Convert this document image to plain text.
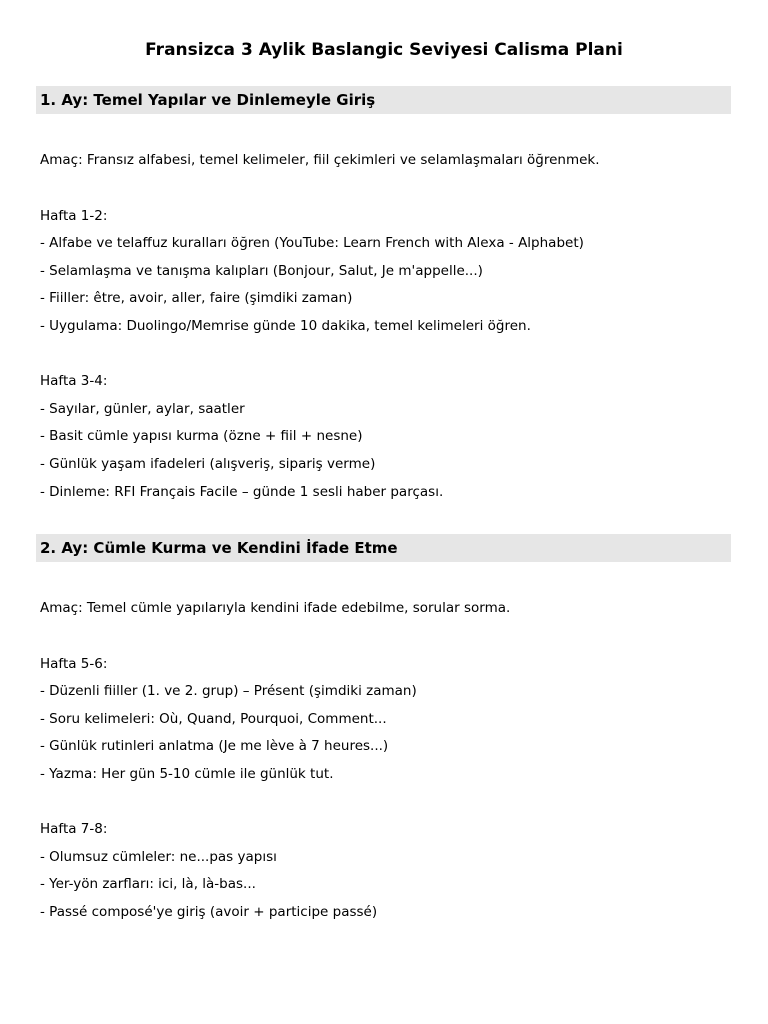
Fransizca 3 Aylik Baslangic Seviyesi Calisma Plani
1. Ay: Temel Yapılar ve Dinlemeyle Giriş
Amaç: Fransız alfabesi, temel kelimeler, fiil çekimleri ve selamlaşmaları öğrenmek.
Hafta 1-2:
- Alfabe ve telaffuz kuralları öğren (YouTube: Learn French with Alexa - Alphabet)
- Selamlaşma ve tanışma kalıpları (Bonjour, Salut, Je m'appelle...)
- Fiiller: être, avoir, aller, faire (şimdiki zaman)
- Uygulama: Duolingo/Memrise günde 10 dakika, temel kelimeleri öğren.
Hafta 3-4:
- Sayılar, günler, aylar, saatler
- Basit cümle yapısı kurma (özne + fiil + nesne)
- Günlük yaşam ifadeleri (alışveriş, sipariş verme)
- Dinleme: RFI Français Facile – günde 1 sesli haber parçası.
2. Ay: Cümle Kurma ve Kendini İfade Etme
Amaç: Temel cümle yapılarıyla kendini ifade edebilme, sorular sorma.
Hafta 5-6:
- Düzenli fiiller (1. ve 2. grup) – Présent (şimdiki zaman)
- Soru kelimeleri: Où, Quand, Pourquoi, Comment...
- Günlük rutinleri anlatma (Je me lève à 7 heures...)
- Yazma: Her gün 5-10 cümle ile günlük tut.
Hafta 7-8:
- Olumsuz cümleler: ne...pas yapısı
- Yer-yön zarfları: ici, là, là-bas...
- Passé composé'ye giriş (avoir + participe passé)
